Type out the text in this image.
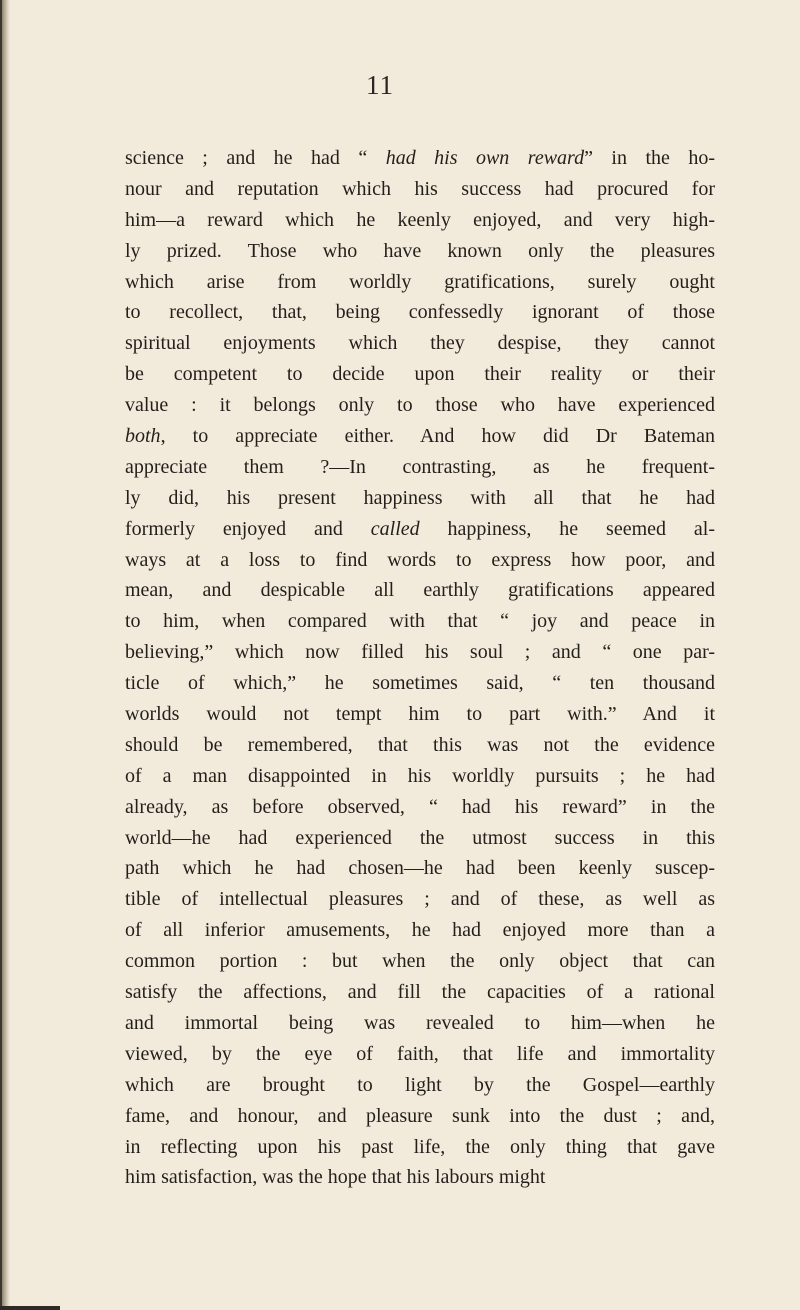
11
science ; and he had “ had his own reward” in the ho-
nour and reputation which his success had procured for
him—a reward which he keenly enjoyed, and very high-
ly prized. Those who have known only the pleasures
which arise from worldly gratifications, surely ought
to recollect, that, being confessedly ignorant of those
spiritual enjoyments which they despise, they cannot
be competent to decide upon their reality or their
value : it belongs only to those who have experienced
both, to appreciate either. And how did Dr Bateman
appreciate them ?—In contrasting, as he frequent-
ly did, his present happiness with all that he had
formerly enjoyed and called happiness, he seemed al-
ways at a loss to find words to express how poor, and
mean, and despicable all earthly gratifications appeared
to him, when compared with that “ joy and peace in
believing,” which now filled his soul ; and “ one par-
ticle of which,” he sometimes said, “ ten thousand
worlds would not tempt him to part with.” And it
should be remembered, that this was not the evidence
of a man disappointed in his worldly pursuits ; he had
already, as before observed, “ had his reward” in the
world—he had experienced the utmost success in this
path which he had chosen—he had been keenly suscep-
tible of intellectual pleasures ; and of these, as well as
of all inferior amusements, he had enjoyed more than a
common portion : but when the only object that can
satisfy the affections, and fill the capacities of a rational
and immortal being was revealed to him—when he
viewed, by the eye of faith, that life and immortality
which are brought to light by the Gospel—earthly
fame, and honour, and pleasure sunk into the dust ; and,
in reflecting upon his past life, the only thing that gave
him satisfaction, was the hope that his labours might
